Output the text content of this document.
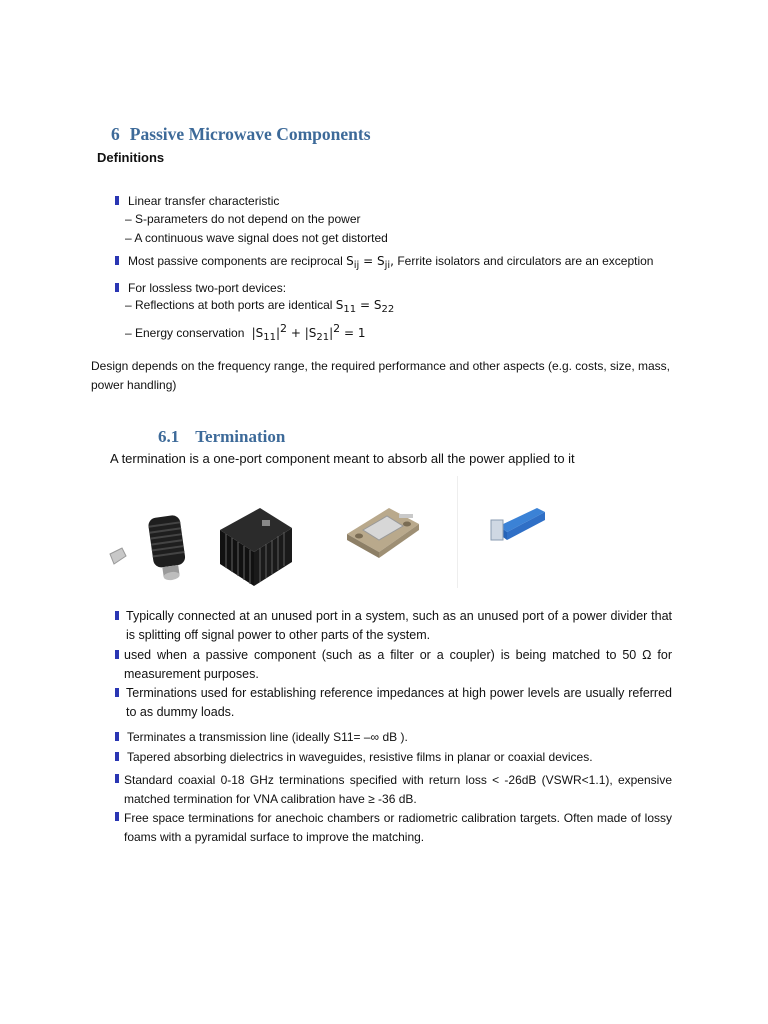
6 Passive Microwave Components
Definitions
Linear transfer characteristic
– S-parameters do not depend on the power
– A continuous wave signal does not get distorted
Most passive components are reciprocal $S_{ij} = S_{ji}$, Ferrite isolators and circulators are an exception
For lossless two-port devices:
– Reflections at both ports are identical $S_{11} = S_{22}$
– Energy conservation  $|S_{11}|^2 + |S_{21}|^2 = 1$
Design depends on the frequency range, the required performance and other aspects (e.g. costs, size, mass, power handling)
6.1 Termination
A termination is a one-port component meant to absorb all the power applied to it
Typically connected at an unused port in a system, such as an unused port of a power divider that is splitting off signal power to other parts of the system.
used when a passive component (such as a filter or a coupler) is being matched to 50 Ω for measurement purposes.
Terminations used for establishing reference impedances at high power levels are usually referred to as dummy loads.
Terminates a transmission line (ideally S11= –∞ dB ).
Tapered absorbing dielectrics in waveguides, resistive films in planar or coaxial devices.
Standard coaxial 0-18 GHz terminations specified with return loss < -26dB (VSWR<1.1), expensive matched termination for VNA calibration have ≥ -36 dB.
Free space terminations for anechoic chambers or radiometric calibration targets. Often made of lossy foams with a pyramidal surface to improve the matching.
